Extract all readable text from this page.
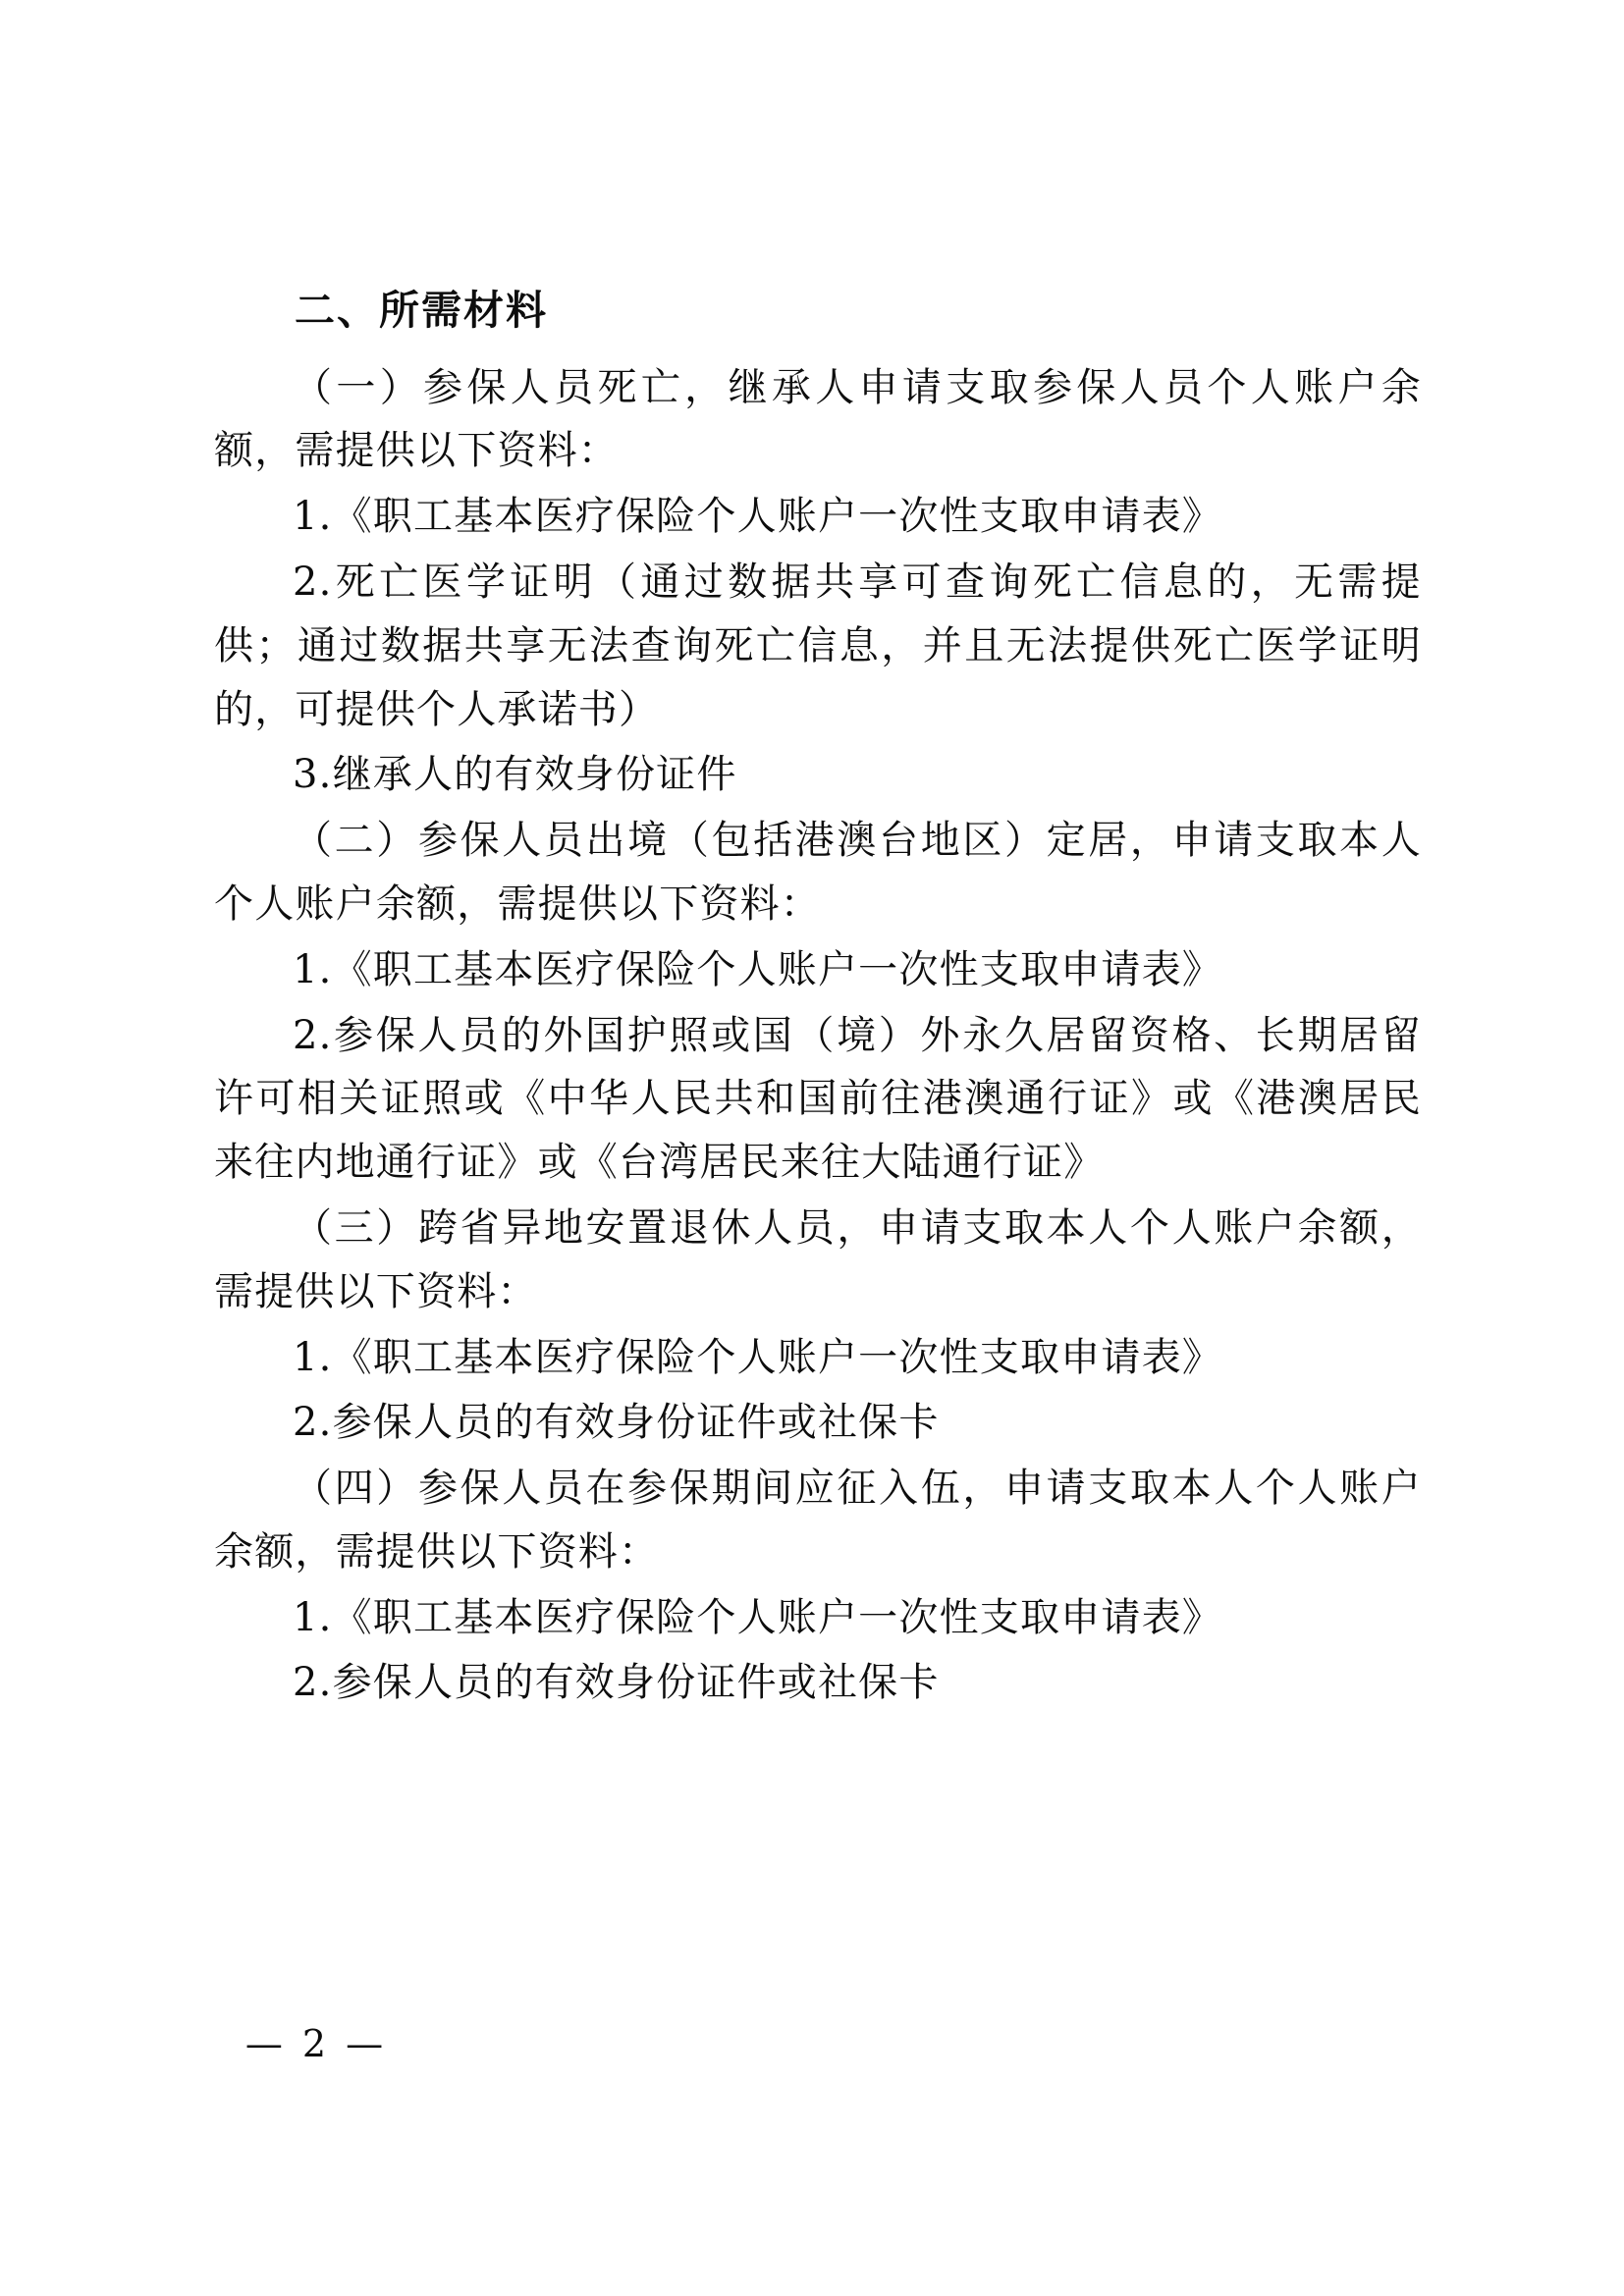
二、所需材料

（一）参保人员死亡，继承人申请支取参保人员个人账户余额，需提供以下资料：

1.《职工基本医疗保险个人账户一次性支取申请表》

2.死亡医学证明（通过数据共享可查询死亡信息的，无需提供；通过数据共享无法查询死亡信息，并且无法提供死亡医学证明的，可提供个人承诺书）

3.继承人的有效身份证件

（二）参保人员出境（包括港澳台地区）定居，申请支取本人个人账户余额，需提供以下资料：

1.《职工基本医疗保险个人账户一次性支取申请表》

2.参保人员的外国护照或国（境）外永久居留资格、长期居留许可相关证照或《中华人民共和国前往港澳通行证》或《港澳居民来往内地通行证》或《台湾居民来往大陆通行证》

（三）跨省异地安置退休人员，申请支取本人个人账户余额，需提供以下资料：

1.《职工基本医疗保险个人账户一次性支取申请表》

2.参保人员的有效身份证件或社保卡

（四）参保人员在参保期间应征入伍，申请支取本人个人账户余额，需提供以下资料：

1.《职工基本医疗保险个人账户一次性支取申请表》

2.参保人员的有效身份证件或社保卡

— 2 —
